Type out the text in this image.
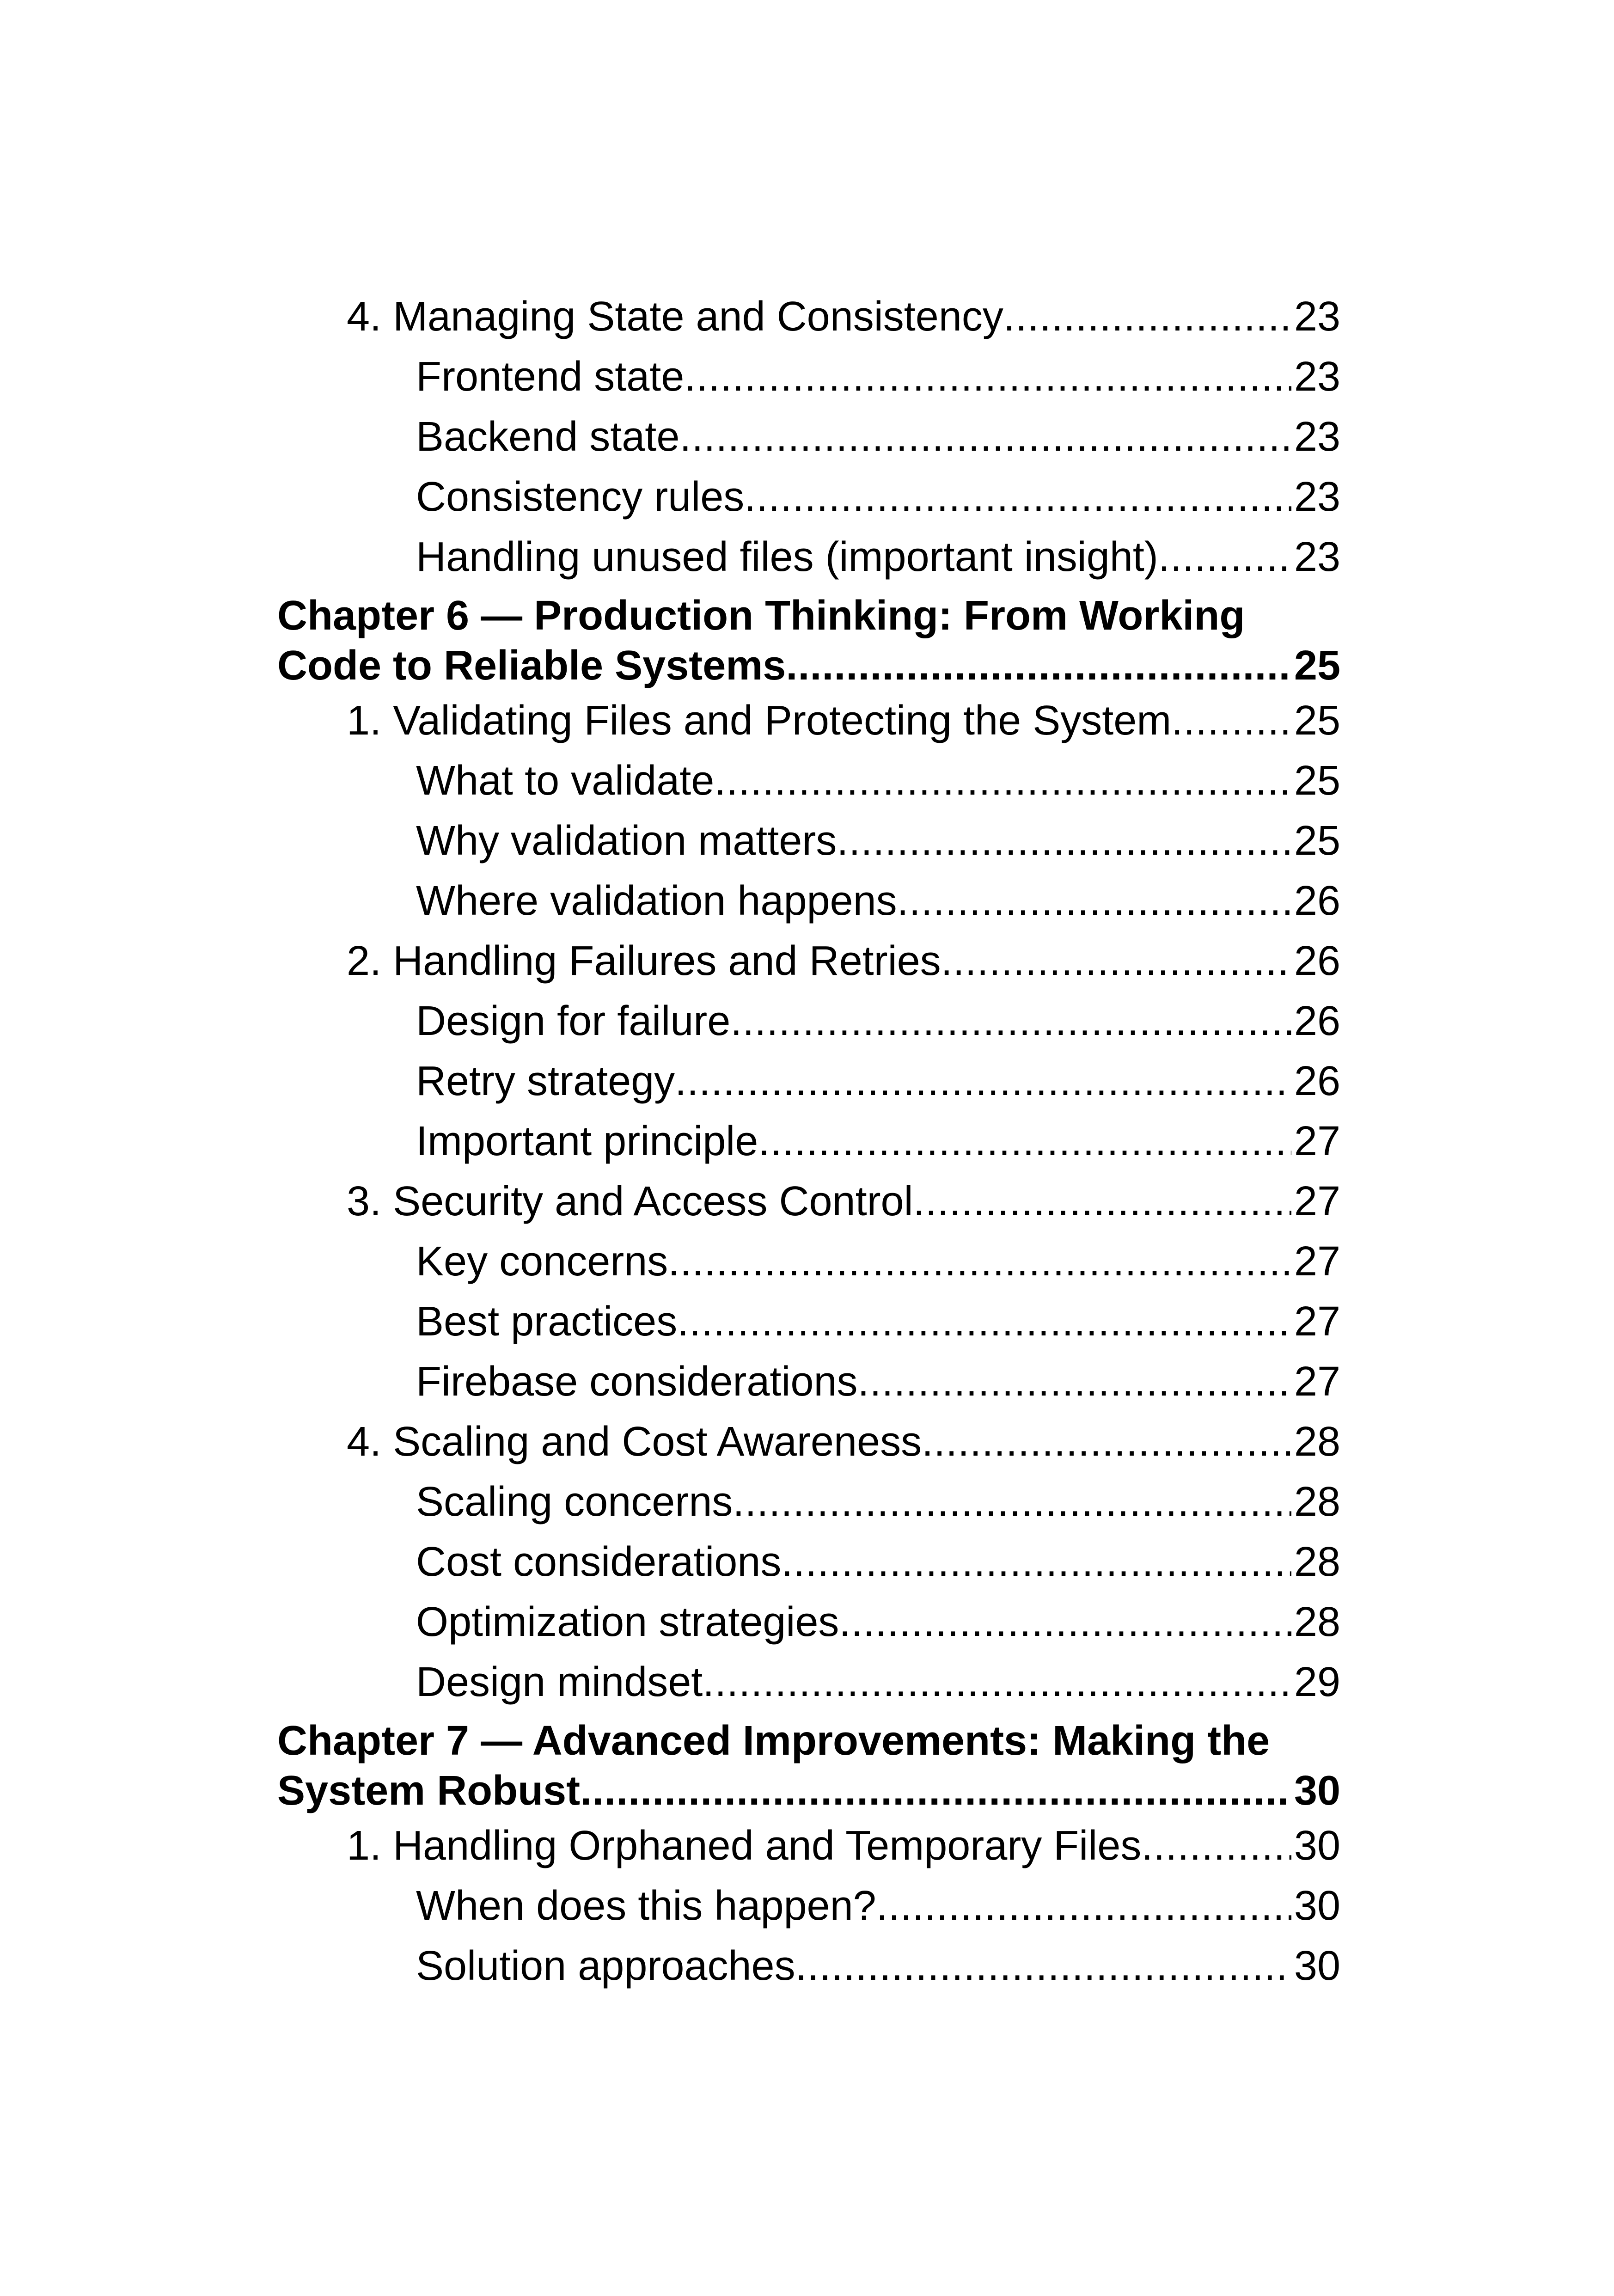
4. Managing State and Consistency .....	23
Frontend state .....	23
Backend state .....	23
Consistency rules .....	23
Handling unused files (important insight) .....	23
Chapter 6 — Production Thinking: From Working
Code to Reliable Systems .....	25
1. Validating Files and Protecting the System .....	25
What to validate .....	25
Why validation matters .....	25
Where validation happens .....	26
2. Handling Failures and Retries .....	26
Design for failure .....	26
Retry strategy .....	26
Important principle .....	27
3. Security and Access Control .....	27
Key concerns .....	27
Best practices .....	27
Firebase considerations .....	27
4. Scaling and Cost Awareness .....	28
Scaling concerns .....	28
Cost considerations .....	28
Optimization strategies .....	28
Design mindset .....	29
Chapter 7 — Advanced Improvements: Making the
System Robust .....	30
1. Handling Orphaned and Temporary Files .....	30
When does this happen? .....	30
Solution approaches .....	30
